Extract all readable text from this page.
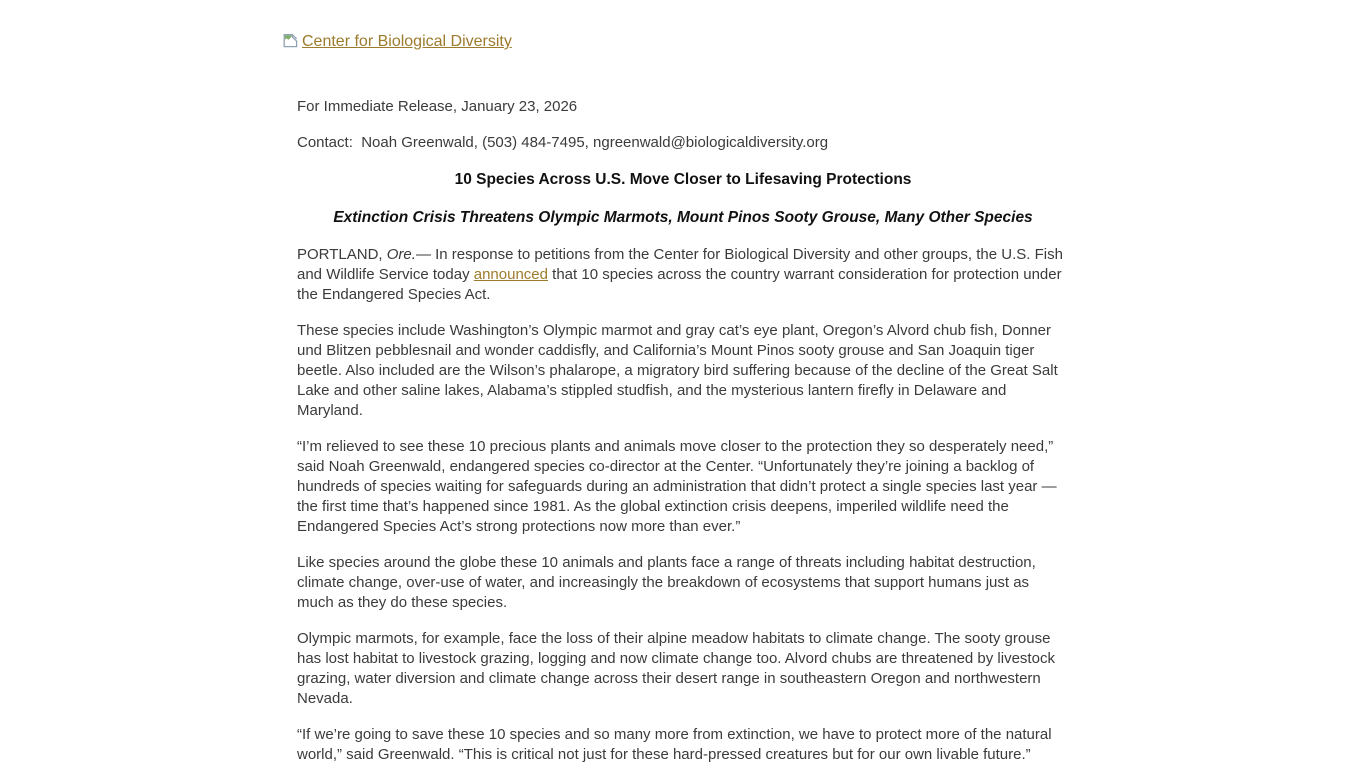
Center for Biological Diversity

For Immediate Release, January 23, 2026

Contact:  Noah Greenwald, (503) 484-7495, ngreenwald@biologicaldiversity.org

10 Species Across U.S. Move Closer to Lifesaving Protections
Extinction Crisis Threatens Olympic Marmots, Mount Pinos Sooty Grouse, Many Other Species

PORTLAND, Ore.— In response to petitions from the Center for Biological Diversity and other groups, the U.S. Fish and Wildlife Service today announced that 10 species across the country warrant consideration for protection under the Endangered Species Act.

These species include Washington’s Olympic marmot and gray cat’s eye plant, Oregon’s Alvord chub fish, Donner und Blitzen pebblesnail and wonder caddisfly, and California’s Mount Pinos sooty grouse and San Joaquin tiger beetle. Also included are the Wilson’s phalarope, a migratory bird suffering because of the decline of the Great Salt Lake and other saline lakes, Alabama’s stippled studfish, and the mysterious lantern firefly in Delaware and Maryland.

“I’m relieved to see these 10 precious plants and animals move closer to the protection they so desperately need,” said Noah Greenwald, endangered species co-director at the Center. “Unfortunately they’re joining a backlog of hundreds of species waiting for safeguards during an administration that didn’t protect a single species last year — the first time that’s happened since 1981. As the global extinction crisis deepens, imperiled wildlife need the Endangered Species Act’s strong protections now more than ever.”

Like species around the globe these 10 animals and plants face a range of threats including habitat destruction, climate change, over-use of water, and increasingly the breakdown of ecosystems that support humans just as much as they do these species.

Olympic marmots, for example, face the loss of their alpine meadow habitats to climate change. The sooty grouse has lost habitat to livestock grazing, logging and now climate change too. Alvord chubs are threatened by livestock grazing, water diversion and climate change across their desert range in southeastern Oregon and northwestern Nevada.

“If we’re going to save these 10 species and so many more from extinction, we have to protect more of the natural world,” said Greenwald. “This is critical not just for these hard-pressed creatures but for our own livable future.”
